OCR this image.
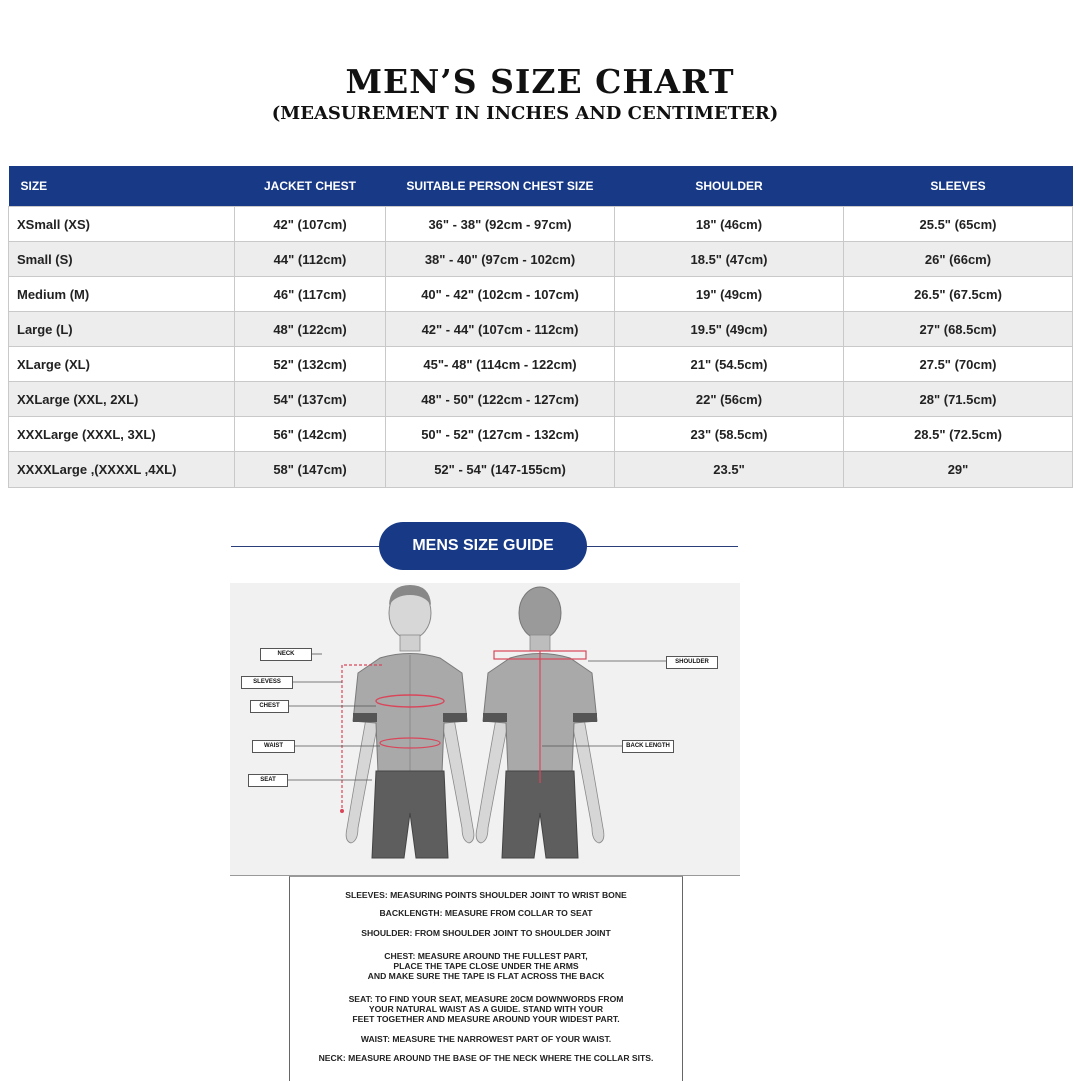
MEN’S SIZE CHART
(MEASUREMENT IN INCHES AND CENTIMETER)
SIZE	JACKET CHEST	SUITABLE PERSON CHEST SIZE	SHOULDER	SLEEVES
XSmall (XS)	42" (107cm)	36" - 38" (92cm - 97cm)	18" (46cm)	25.5" (65cm)
Small (S)	44" (112cm)	38" - 40" (97cm - 102cm)	18.5" (47cm)	26" (66cm)
Medium (M)	46" (117cm)	40" - 42" (102cm - 107cm)	19" (49cm)	26.5" (67.5cm)
Large (L)	48" (122cm)	42" - 44" (107cm - 112cm)	19.5" (49cm)	27" (68.5cm)
XLarge (XL)	52" (132cm)	45"- 48" (114cm - 122cm)	21" (54.5cm)	27.5" (70cm)
XXLarge (XXL, 2XL)	54" (137cm)	48" - 50" (122cm - 127cm)	22" (56cm)	28" (71.5cm)
XXXLarge (XXXL, 3XL)	56" (142cm)	50" - 52" (127cm - 132cm)	23" (58.5cm)	28.5" (72.5cm)
XXXXLarge ,(XXXXL ,4XL)	58" (147cm)	52" - 54" (147-155cm)	23.5"	29"
MENS SIZE GUIDE
NECK
SLEVESS
CHEST
WAIST
SEAT
SHOULDER
BACK LENGTH
SLEEVES: MEASURING POINTS SHOULDER JOINT TO WRIST BONE
BACKLENGTH: MEASURE FROM COLLAR TO SEAT
SHOULDER: FROM SHOULDER JOINT TO SHOULDER JOINT
CHEST: MEASURE AROUND THE FULLEST PART,
PLACE THE TAPE CLOSE UNDER THE ARMS
AND MAKE SURE THE TAPE IS FLAT ACROSS THE BACK
SEAT: TO FIND YOUR SEAT, MEASURE 20CM DOWNWORDS FROM
YOUR NATURAL WAIST AS A GUIDE. STAND WITH YOUR
FEET TOGETHER AND MEASURE AROUND YOUR WIDEST PART.
WAIST: MEASURE THE NARROWEST PART OF YOUR WAIST.
NECK: MEASURE AROUND THE BASE OF THE NECK WHERE THE COLLAR SITS.
